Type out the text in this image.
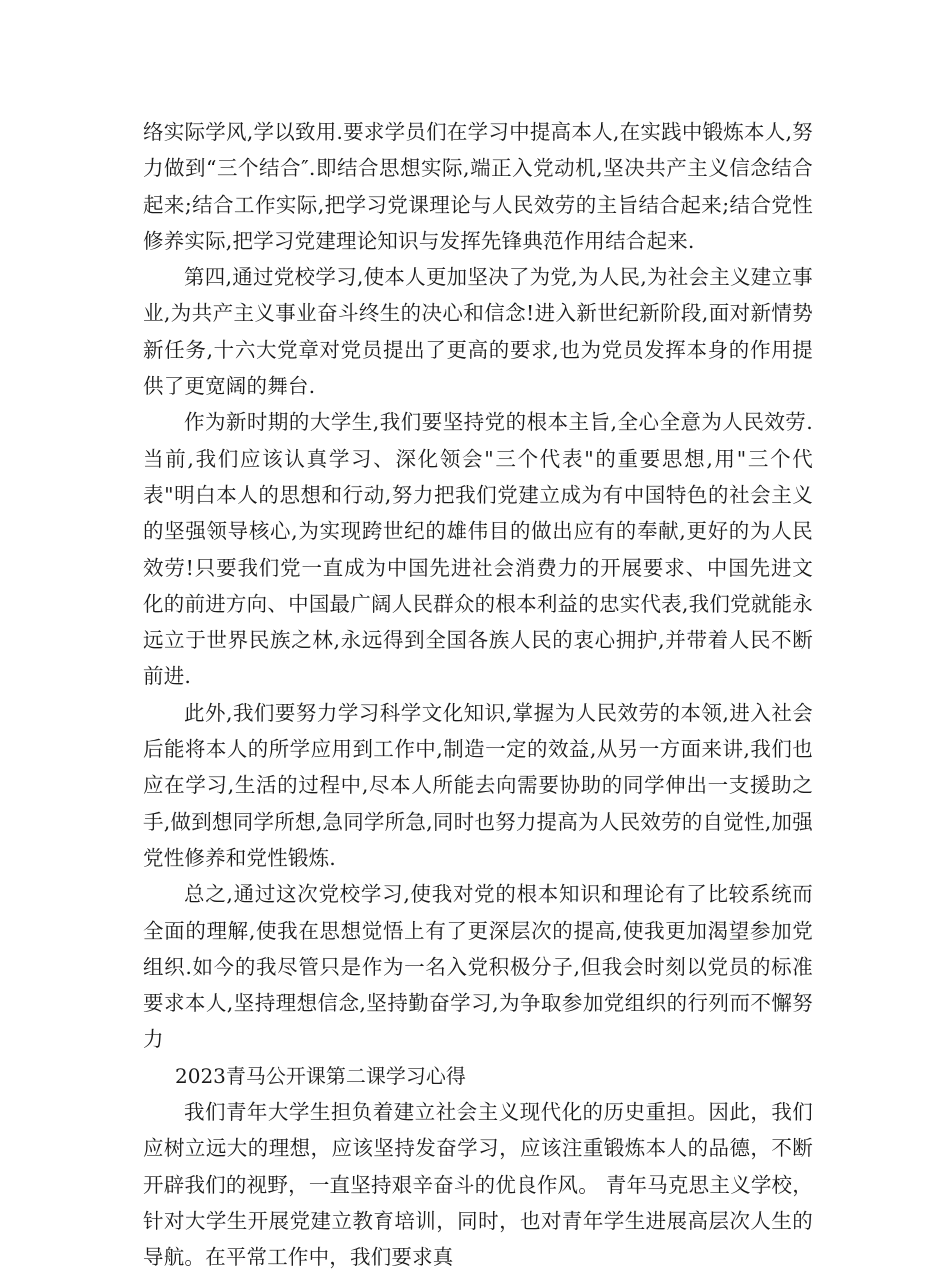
络实际学风,学以致用.要求学员们在学习中提高本人,在实践中锻炼本人,努力做到“三个结合″.即结合思想实际,端正入党动机,坚决共产主义信念结合起来;结合工作实际,把学习党课理论与人民效劳的主旨结合起来;结合党性修养实际,把学习党建理论知识与发挥先锋典范作用结合起来.

第四,通过党校学习,使本人更加坚决了为党,为人民,为社会主义建立事业,为共产主义事业奋斗终生的决心和信念!进入新世纪新阶段,面对新情势新任务,十六大党章对党员提出了更高的要求,也为党员发挥本身的作用提供了更宽阔的舞台.

作为新时期的大学生,我们要坚持党的根本主旨,全心全意为人民效劳.当前,我们应该认真学习、深化领会"三个代表"的重要思想,用"三个代表"明白本人的思想和行动,努力把我们党建立成为有中国特色的社会主义的坚强领导核心,为实现跨世纪的雄伟目的做出应有的奉献,更好的为人民效劳!只要我们党一直成为中国先进社会消费力的开展要求、中国先进文化的前进方向、中国最广阔人民群众的根本利益的忠实代表,我们党就能永远立于世界民族之林,永远得到全国各族人民的衷心拥护,并带着人民不断前进.

此外,我们要努力学习科学文化知识,掌握为人民效劳的本领,进入社会后能将本人的所学应用到工作中,制造一定的效益,从另一方面来讲,我们也应在学习,生活的过程中,尽本人所能去向需要协助的同学伸出一支援助之手,做到想同学所想,急同学所急,同时也努力提高为人民效劳的自觉性,加强党性修养和党性锻炼.

总之,通过这次党校学习,使我对党的根本知识和理论有了比较系统而全面的理解,使我在思想觉悟上有了更深层次的提高,使我更加渴望参加党组织.如今的我尽管只是作为一名入党积极分子,但我会时刻以党员的标准要求本人,坚持理想信念,坚持勤奋学习,为争取参加党组织的行列而不懈努力

2023青马公开课第二课学习心得

我们青年大学生担负着建立社会主义现代化的历史重担。因此，我们应树立远大的理想，应该坚持发奋学习，应该注重锻炼本人的品德，不断开辟我们的视野，一直坚持艰辛奋斗的优良作风。 青年马克思主义学校，针对大学生开展党建立教育培训，同时，也对青年学生进展高层次人生的导航。在平常工作中，我们要求真
